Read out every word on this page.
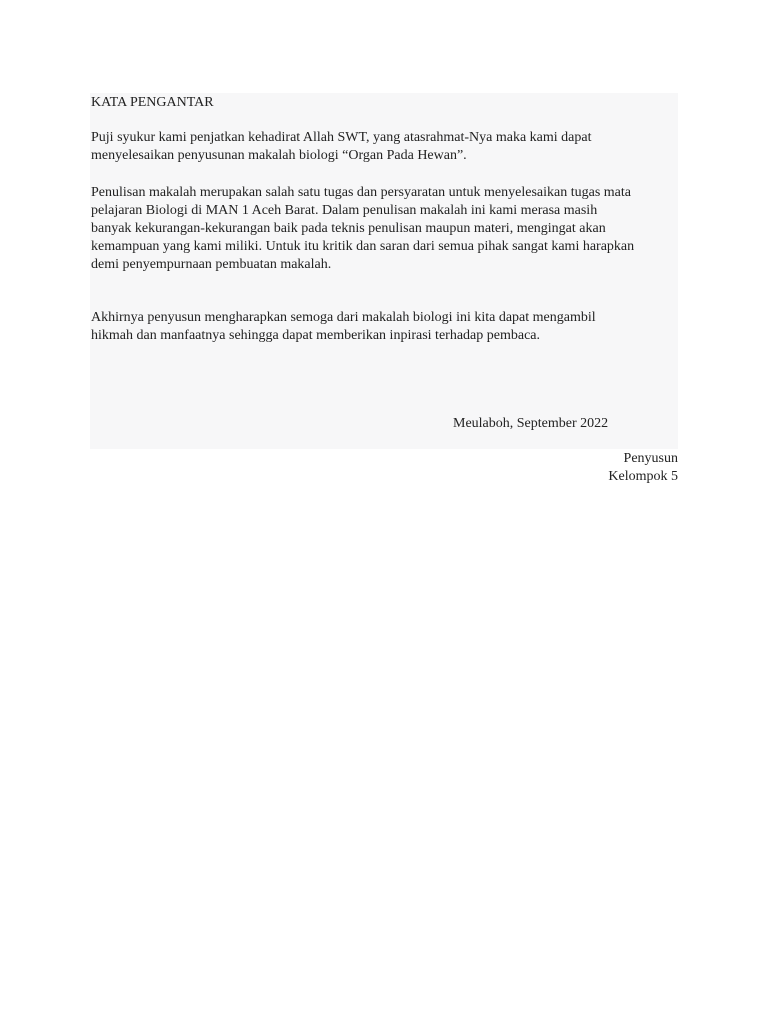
KATA PENGANTAR

Puji syukur kami penjatkan kehadirat Allah SWT, yang atasrahmat-Nya maka kami dapat
menyelesaikan penyusunan makalah biologi “Organ Pada Hewan”.

Penulisan makalah merupakan salah satu tugas dan persyaratan untuk menyelesaikan tugas mata
pelajaran Biologi di MAN 1 Aceh Barat. Dalam penulisan makalah ini kami merasa masih
banyak kekurangan-kekurangan baik pada teknis penulisan maupun materi, mengingat akan
kemampuan yang kami miliki. Untuk itu kritik dan saran dari semua pihak sangat kami harapkan
demi penyempurnaan pembuatan makalah.

Akhirnya penyusun mengharapkan semoga dari makalah biologi ini kita dapat mengambil
hikmah dan manfaatnya sehingga dapat memberikan inpirasi terhadap pembaca.

Meulaboh, September 2022
Penyusun
Kelompok 5
